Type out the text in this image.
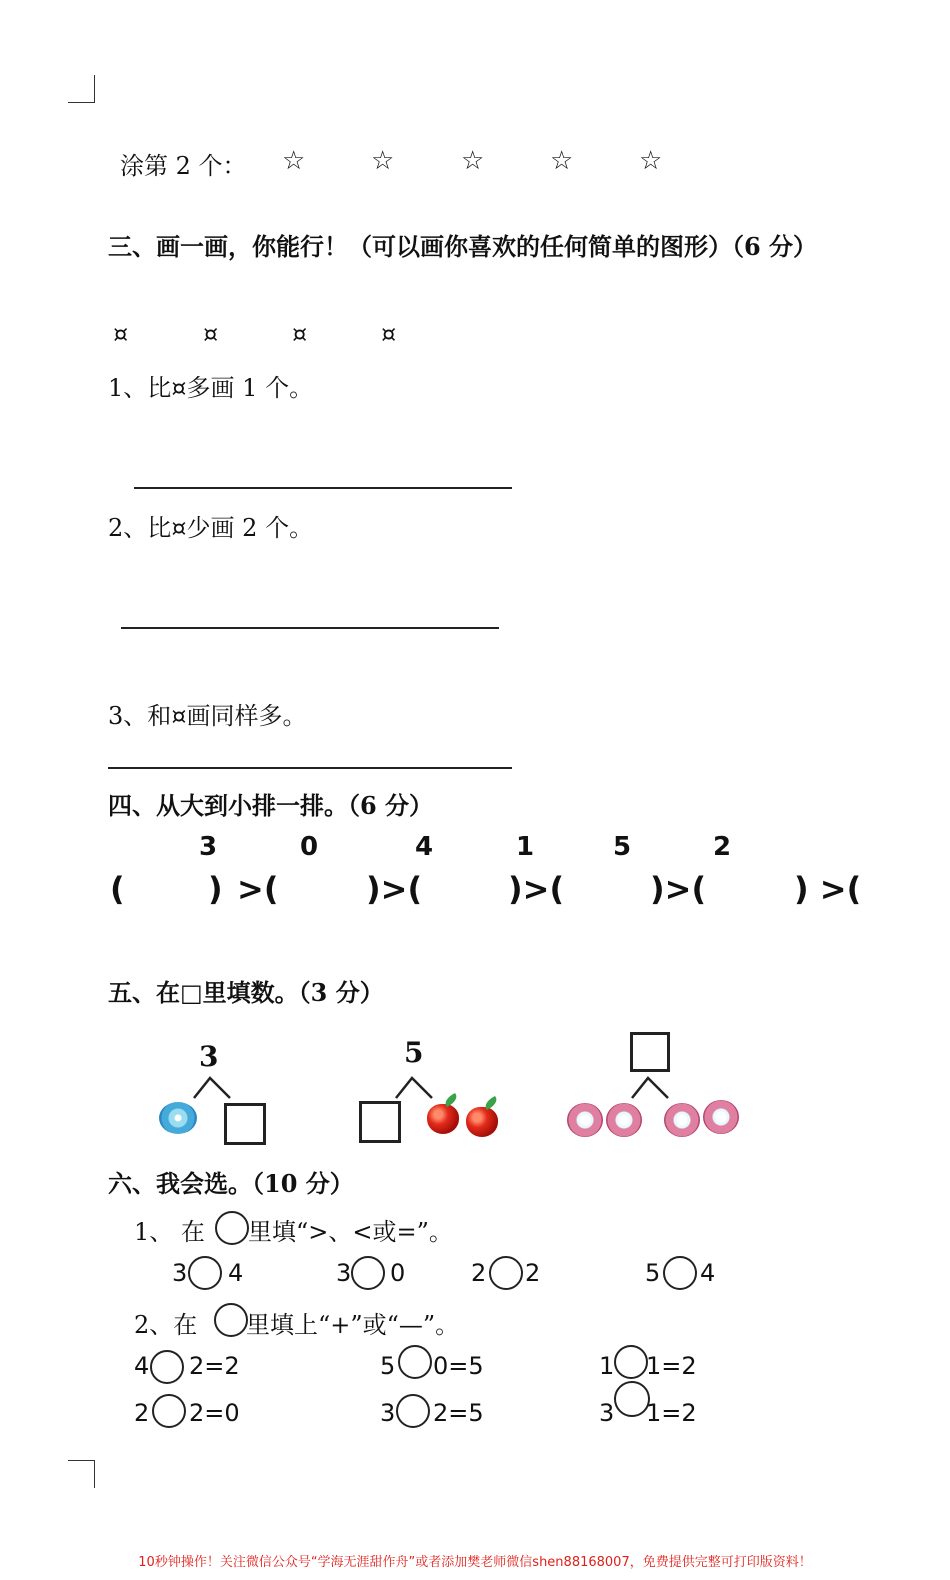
涂第 2 个： ☆	☆	☆	☆	☆
三、画一画，你能行！（可以画你喜欢的任何简单的图形）（6 分）
¤	¤	¤	¤
1、比¤多画 1 个。
2、比¤少画 2 个。
3、和¤画同样多。
四、从大到小排一排。（6 分）
3	0	4	1	5	2
(	) >(	)>(	)>(	)>(	) >(
五、在□里填数。（3 分）
3	5
六、我会选。（10 分）
1、 在 里填“>、<或=”。
3 4	3 0	2 2	5 4
2、在 里填上“+”或“—”。
4 2=2	5 0=5	1 1=2
2 2=0	3 2=5	3 1=2
10秒钟操作！关注微信公众号“学海无涯甜作舟”或者添加樊老师微信shen88168007，免费提供完整可打印版资料！
